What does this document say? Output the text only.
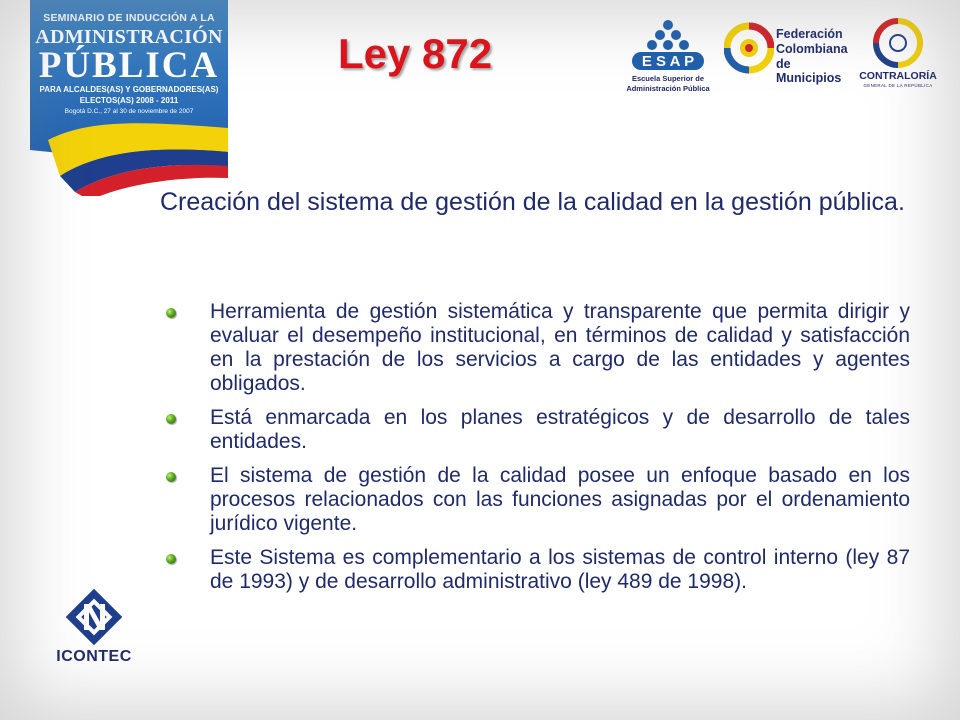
SEMINARIO DE INDUCCIÓN A LA
ADMINISTRACIÓN
PÚBLICA
PARA ALCALDES(AS) Y GOBERNADORES(AS)
ELECTOS(AS) 2008 - 2011
Bogotá D.C., 27 al 30 de noviembre de 2007
Ley 872	E S A P
Escuela Superior de
Administración Pública
Federación
Colombiana
de Municipios	CONTRALORÍA
GENERAL DE LA REPÚBLICA
Creación del sistema de gestión de la calidad en la gestión pública.
Herramienta de gestión sistemática y transparente que permita dirigir y evaluar el desempeño institucional, en términos de calidad y satisfacción en la prestación de los servicios a cargo de las entidades y agentes obligados.
Está enmarcada en los planes estratégicos y de desarrollo de tales entidades.
El sistema de gestión de la calidad posee un enfoque basado en los procesos relacionados con las funciones asignadas por el ordenamiento jurídico vigente.
Este Sistema es complementario a los sistemas de control interno (ley 87 de 1993) y de desarrollo administrativo (ley 489 de 1998).
ICONTEC
